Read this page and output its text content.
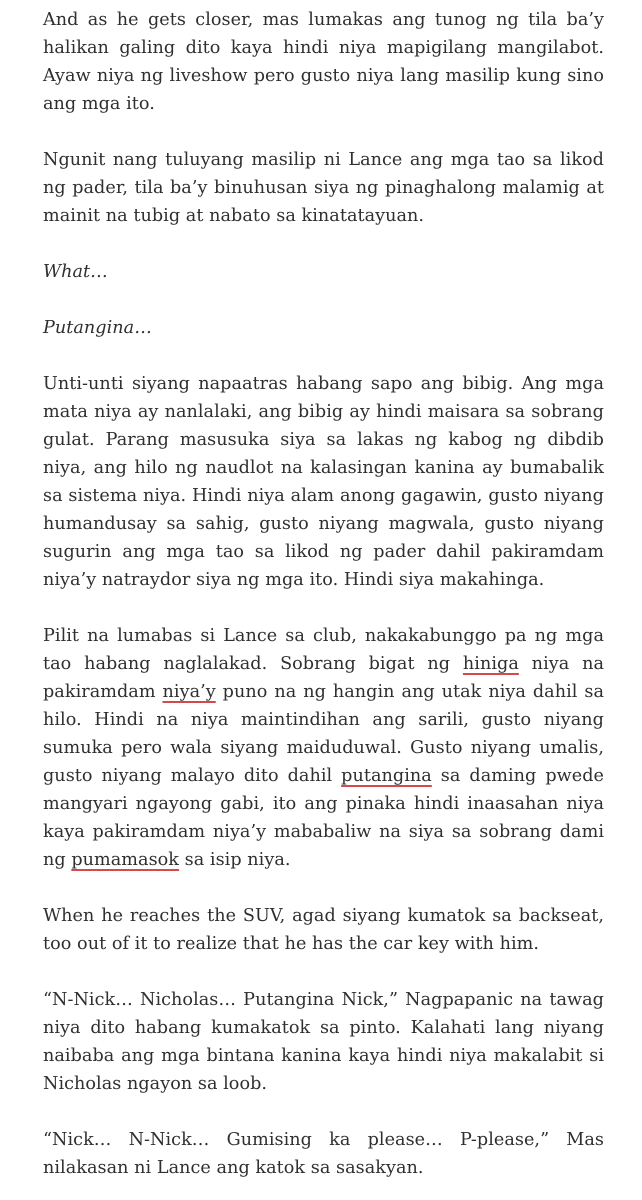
And as he gets closer, mas lumakas ang tunog ng tila ba’y halikan galing dito kaya hindi niya mapigilang mangilabot. Ayaw niya ng liveshow pero gusto niya lang masilip kung sino ang mga ito.

Ngunit nang tuluyang masilip ni Lance ang mga tao sa likod ng pader, tila ba’y binuhusan siya ng pinaghalong malamig at mainit na tubig at nabato sa kinatatayuan.

What…

Putangina…

Unti-unti siyang napaatras habang sapo ang bibig. Ang mga mata niya ay nanlalaki, ang bibig ay hindi maisara sa sobrang gulat. Parang masusuka siya sa lakas ng kabog ng dibdib niya, ang hilo ng naudlot na kalasingan kanina ay bumabalik sa sistema niya. Hindi niya alam anong gagawin, gusto niyang humandusay sa sahig, gusto niyang magwala, gusto niyang sugurin ang mga tao sa likod ng pader dahil pakiramdam niya’y natraydor siya ng mga ito. Hindi siya makahinga.

Pilit na lumabas si Lance sa club, nakakabunggo pa ng mga tao habang naglalakad. Sobrang bigat ng hiniga niya na pakiramdam niya’y puno na ng hangin ang utak niya dahil sa hilo. Hindi na niya maintindihan ang sarili, gusto niyang sumuka pero wala siyang maiduduwal. Gusto niyang umalis, gusto niyang malayo dito dahil putangina sa daming pwede mangyari ngayong gabi, ito ang pinaka hindi inaasahan niya kaya pakiramdam niya’y mababaliw na siya sa sobrang dami ng pumamasok sa isip niya.

When he reaches the SUV, agad siyang kumatok sa backseat, too out of it to realize that he has the car key with him.

“N-Nick… Nicholas… Putangina Nick,” Nagpapanic na tawag niya dito habang kumakatok sa pinto. Kalahati lang niyang naibaba ang mga bintana kanina kaya hindi niya makalabit si Nicholas ngayon sa loob.

“Nick… N-Nick… Gumising ka please… P-please,” Mas nilakasan ni Lance ang katok sa sasakyan.
